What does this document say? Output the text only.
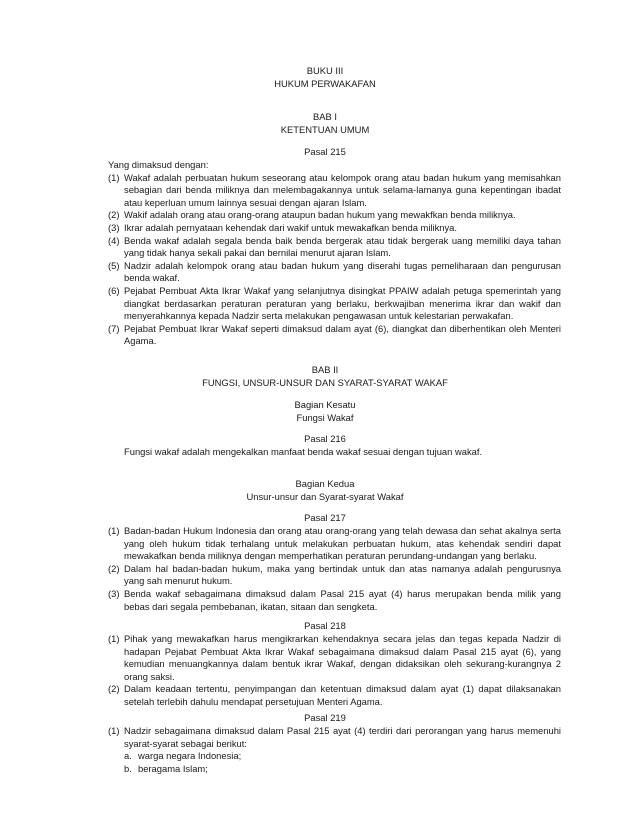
BUKU III
HUKUM PERWAKAFAN
BAB I
KETENTUAN UMUM
Pasal 215
Yang dimaksud dengan:
(1) Wakaf adalah perbuatan hukum seseorang atau kelompok orang atau badan hukum yang memisahkan sebagian dari benda miliknya dan melembagakannya untuk selama-lamanya guna kepentingan ibadat atau keperluan umum lainnya sesuai dengan ajaran Islam.
(2) Wakif adalah orang atau orang-orang ataupun badan hukum yang mewakfkan benda miliknya.
(3) Ikrar adalah pernyataan kehendak dari wakif untuk mewakafkan benda miliknya.
(4) Benda wakaf adalah segala benda baik benda bergerak atau tidak bergerak uang memiliki daya tahan yang tidak hanya sekali pakai dan bernilai menurut ajaran Islam.
(5) Nadzir adalah kelompok orang atau badan hukum yang diserahi tugas pemeliharaan dan pengurusan benda wakaf.
(6) Pejabat Pembuat Akta Ikrar Wakaf yang selanjutnya disingkat PPAIW adalah petuga spemerintah yang diangkat berdasarkan peraturan peraturan yang berlaku, berkwajiban menerima ikrar dan wakif dan menyerahkannya kepada Nadzir serta melakukan pengawasan untuk kelestarian perwakafan.
(7) Pejabat Pembuat Ikrar Wakaf seperti dimaksud dalam ayat (6), diangkat dan diberhentikan oleh Menteri Agama.
BAB II
FUNGSI, UNSUR-UNSUR DAN SYARAT-SYARAT WAKAF
Bagian Kesatu
Fungsi Wakaf
Pasal 216
Fungsi wakaf adalah mengekalkan manfaat benda wakaf sesuai dengan tujuan wakaf.
Bagian Kedua
Unsur-unsur dan Syarat-syarat Wakaf
Pasal 217
(1) Badan-badan Hukum Indonesia dan orang atau orang-orang yang telah dewasa dan sehat akalnya serta yang oleh hukum tidak terhalang untuk melakukan perbuatan hukum, atas kehendak sendiri dapat mewakafkan benda miliknya dengan memperhatikan peraturan perundang-undangan yang berlaku.
(2) Dalam hal badan-badan hukum, maka yang bertindak untuk dan atas namanya adalah pengurusnya yang sah menurut hukum.
(3) Benda wakaf sebagaimana dimaksud dalam Pasal 215 ayat (4) harus merupakan benda milik yang bebas dari segala pembebanan, ikatan, sitaan dan sengketa.
Pasal 218
(1) Pihak yang mewakafkan harus mengikrarkan kehendaknya secara jelas dan tegas kepada Nadzir di hadapan Pejabat Pembuat Akta Ikrar Wakaf sebagaimana dimaksud dalam Pasal 215 ayat (6), yang kemudian menuangkannya dalam bentuk ikrar Wakaf, dengan didaksikan oleh sekurang-kurangnya 2 orang saksi.
(2) Dalam keadaan tertentu, penyimpangan dan ketentuan dimaksud dalam ayat (1) dapat dilaksanakan setelah terlebih dahulu mendapat persetujuan Menteri Agama.
Pasal 219
(1) Nadzir sebagaimana dimaksud dalam Pasal 215 ayat (4) terdiri dari perorangan yang harus memenuhi syarat-syarat sebagai berikut:
a. warga negara Indonesia;
b. beragama Islam;
